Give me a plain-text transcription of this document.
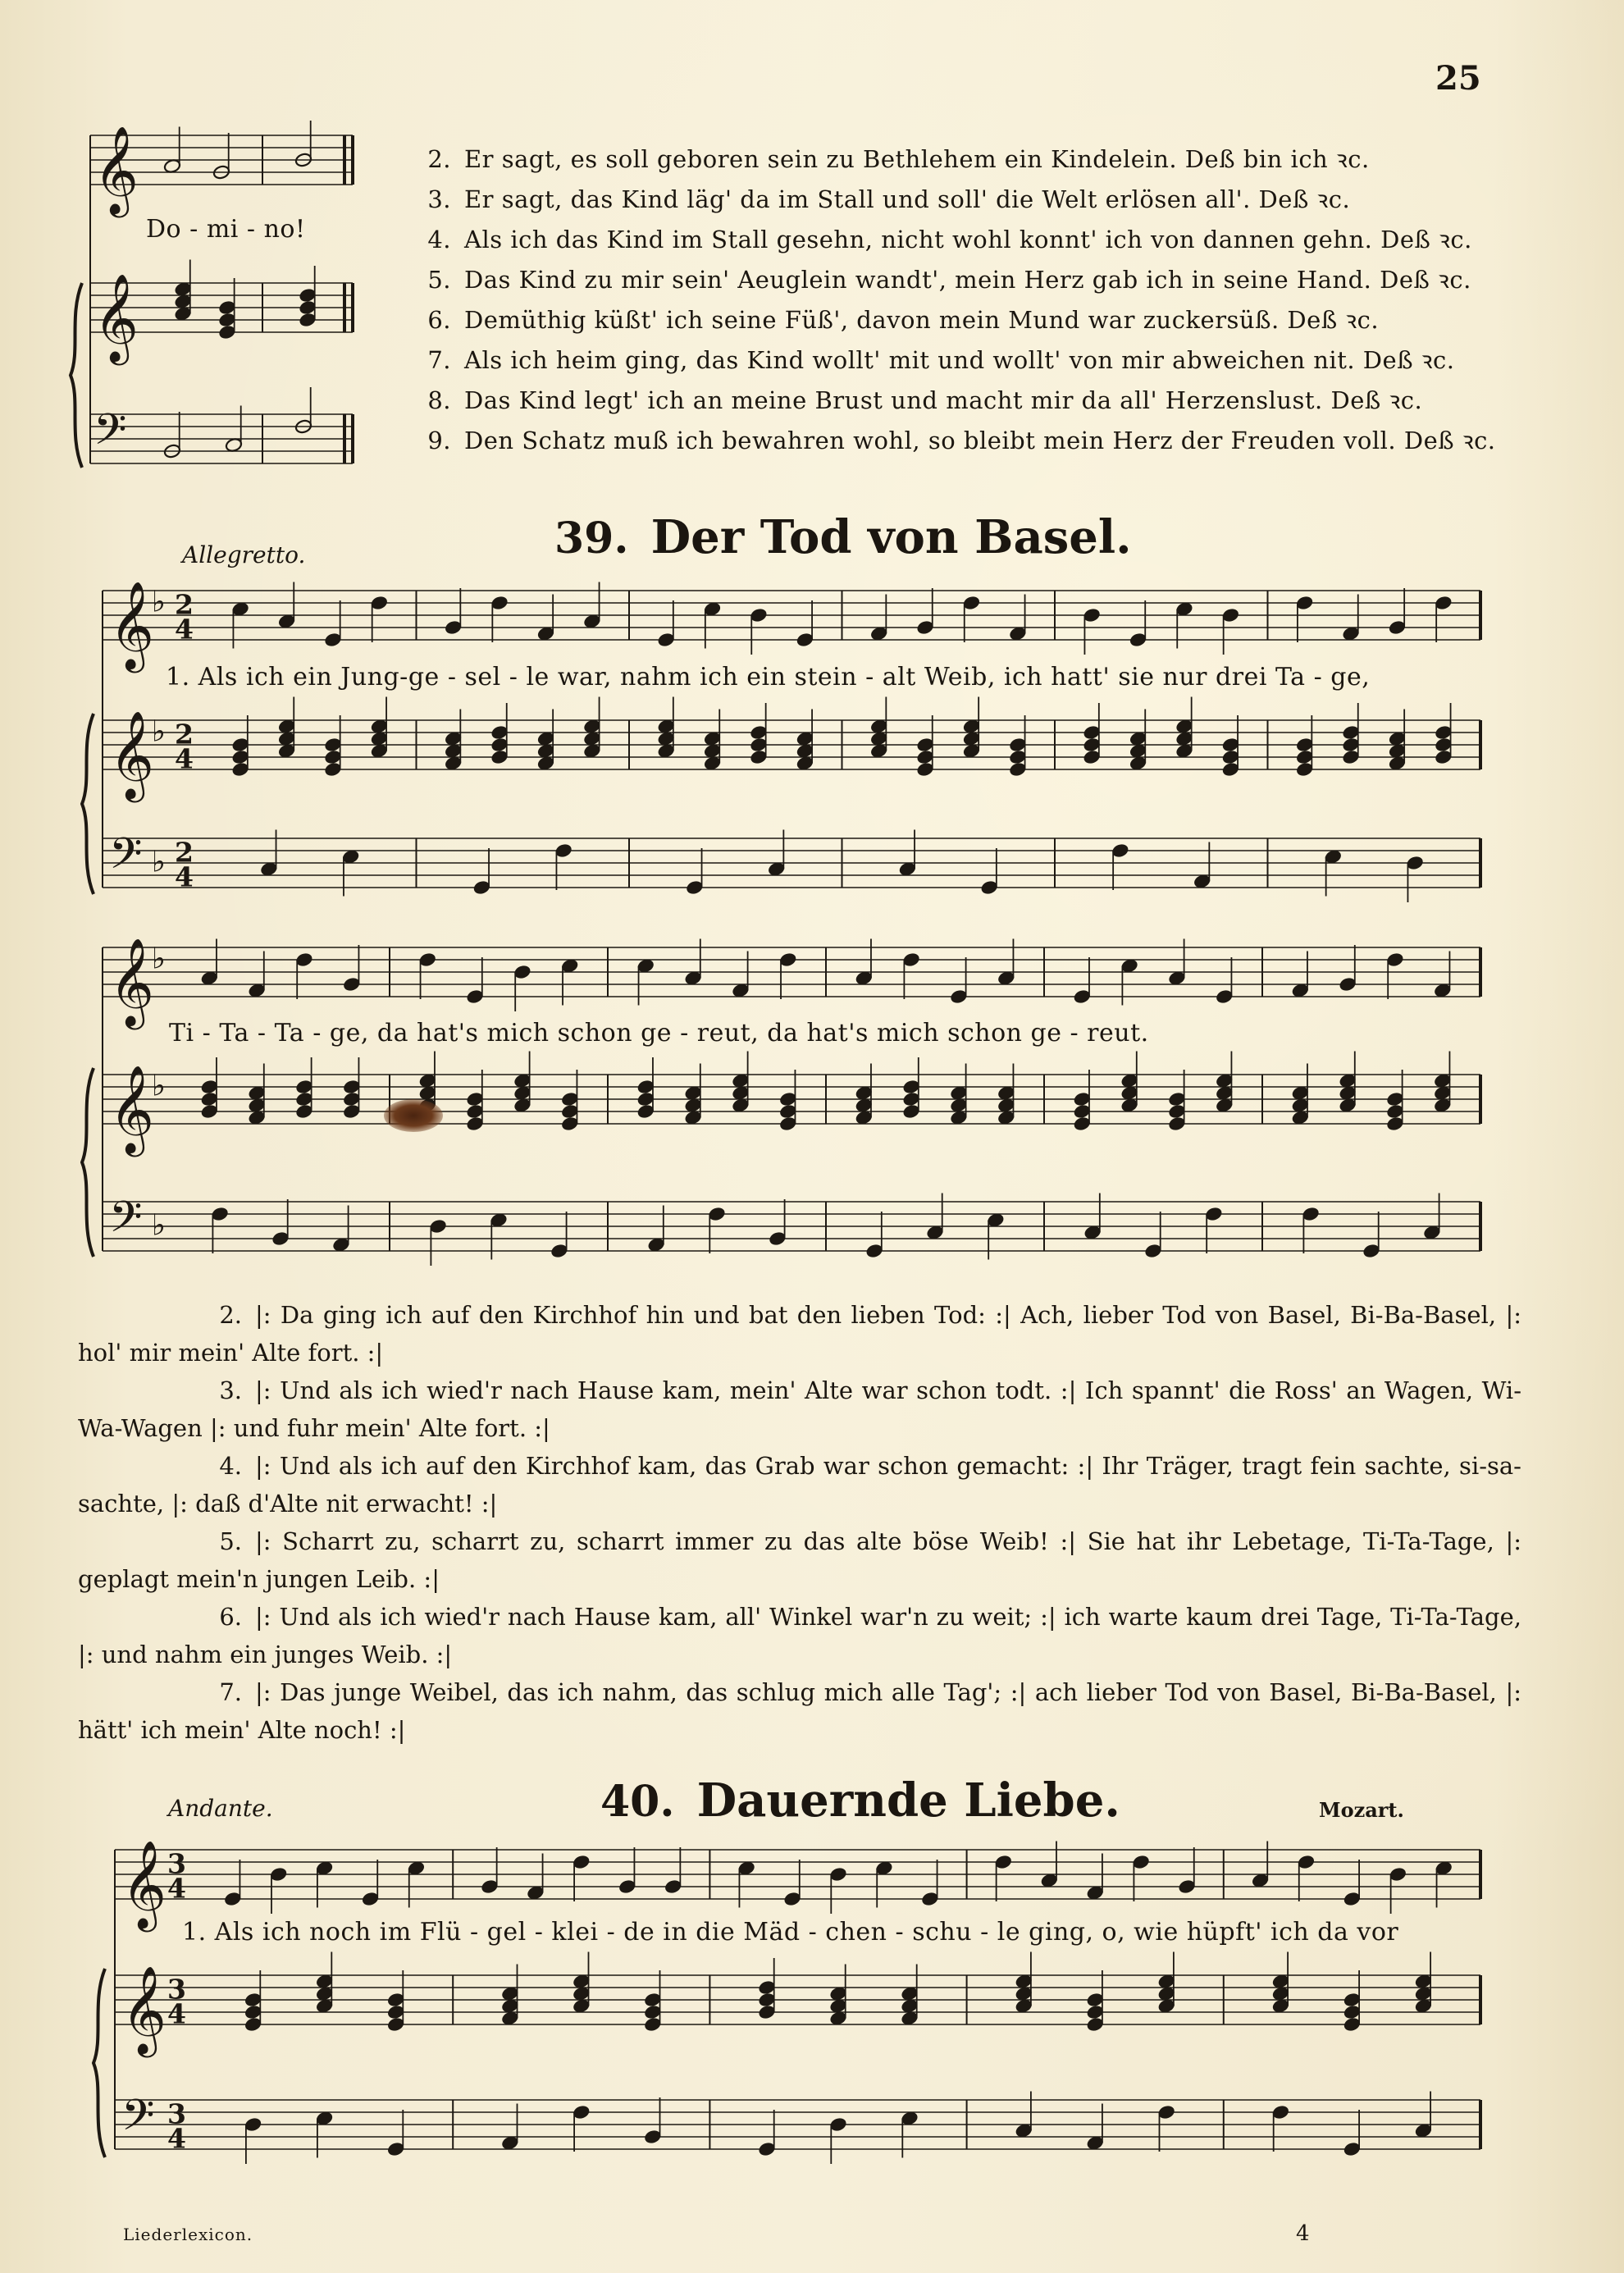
𝄞
𝄞
𝄢
𝄞
♭ 2
4
𝄞
♭ 2
4
𝄢 ♭ 2
4
𝄞
♭
𝄞
♭
𝄢 ♭
𝄞 3
4
𝄞 3
4
𝄢 3
4
25
Do - mi - no!
2. Er sagt, es soll geboren sein zu Bethlehem ein Kindelein. Deß bin ich ꝛc.
3. Er sagt, das Kind läg' da im Stall und soll' die Welt erlösen all'. Deß ꝛc.
4. Als ich das Kind im Stall gesehn, nicht wohl konnt' ich von dannen gehn. Deß ꝛc.
5. Das Kind zu mir sein' Aeuglein wandt', mein Herz gab ich in seine Hand. Deß ꝛc.
6. Demüthig küßt' ich seine Füß', davon mein Mund war zuckersüß. Deß ꝛc.
7. Als ich heim ging, das Kind wollt' mit und wollt' von mir abweichen nit. Deß ꝛc.
8. Das Kind legt' ich an meine Brust und macht mir da all' Herzenslust. Deß ꝛc.
9. Den Schatz muß ich bewahren wohl, so bleibt mein Herz der Freuden voll. Deß ꝛc.
Allegretto.	39. Der Tod von Basel.
1. Als ich ein Jung-ge - sel - le war, nahm ich ein stein - alt Weib, ich hatt' sie nur drei Ta - ge,
Ti - Ta - Ta - ge, da hat's mich schon ge - reut, da hat's mich schon ge - reut.
2. |: Da ging ich auf den Kirchhof hin und bat den lieben Tod: :| Ach, lieber Tod von Basel, Bi-Ba-Basel, |: hol' mir mein' Alte fort. :|
3. |: Und als ich wied'r nach Hause kam, mein' Alte war schon todt. :| Ich spannt' die Ross' an Wagen, Wi-Wa-Wagen |: und fuhr mein' Alte fort. :|
4. |: Und als ich auf den Kirchhof kam, das Grab war schon gemacht: :| Ihr Träger, tragt fein sachte, si-sa-sachte, |: daß d'Alte nit erwacht! :|
5. |: Scharrt zu, scharrt zu, scharrt immer zu das alte böse Weib! :| Sie hat ihr Lebetage, Ti-Ta-Tage, |: geplagt mein'n jungen Leib. :|
6. |: Und als ich wied'r nach Hause kam, all' Winkel war'n zu weit; :| ich warte kaum drei Tage, Ti-Ta-Tage, |: und nahm ein junges Weib. :|
7. |: Das junge Weibel, das ich nahm, das schlug mich alle Tag'; :| ach lieber Tod von Basel, Bi-Ba-Basel, |: hätt' ich mein' Alte noch! :|
Andante.	40. Dauernde Liebe.	Mozart.
1. Als ich noch im Flü - gel - klei - de in die Mäd - chen - schu - le ging, o, wie hüpft' ich da vor
Liederlexicon.	4
